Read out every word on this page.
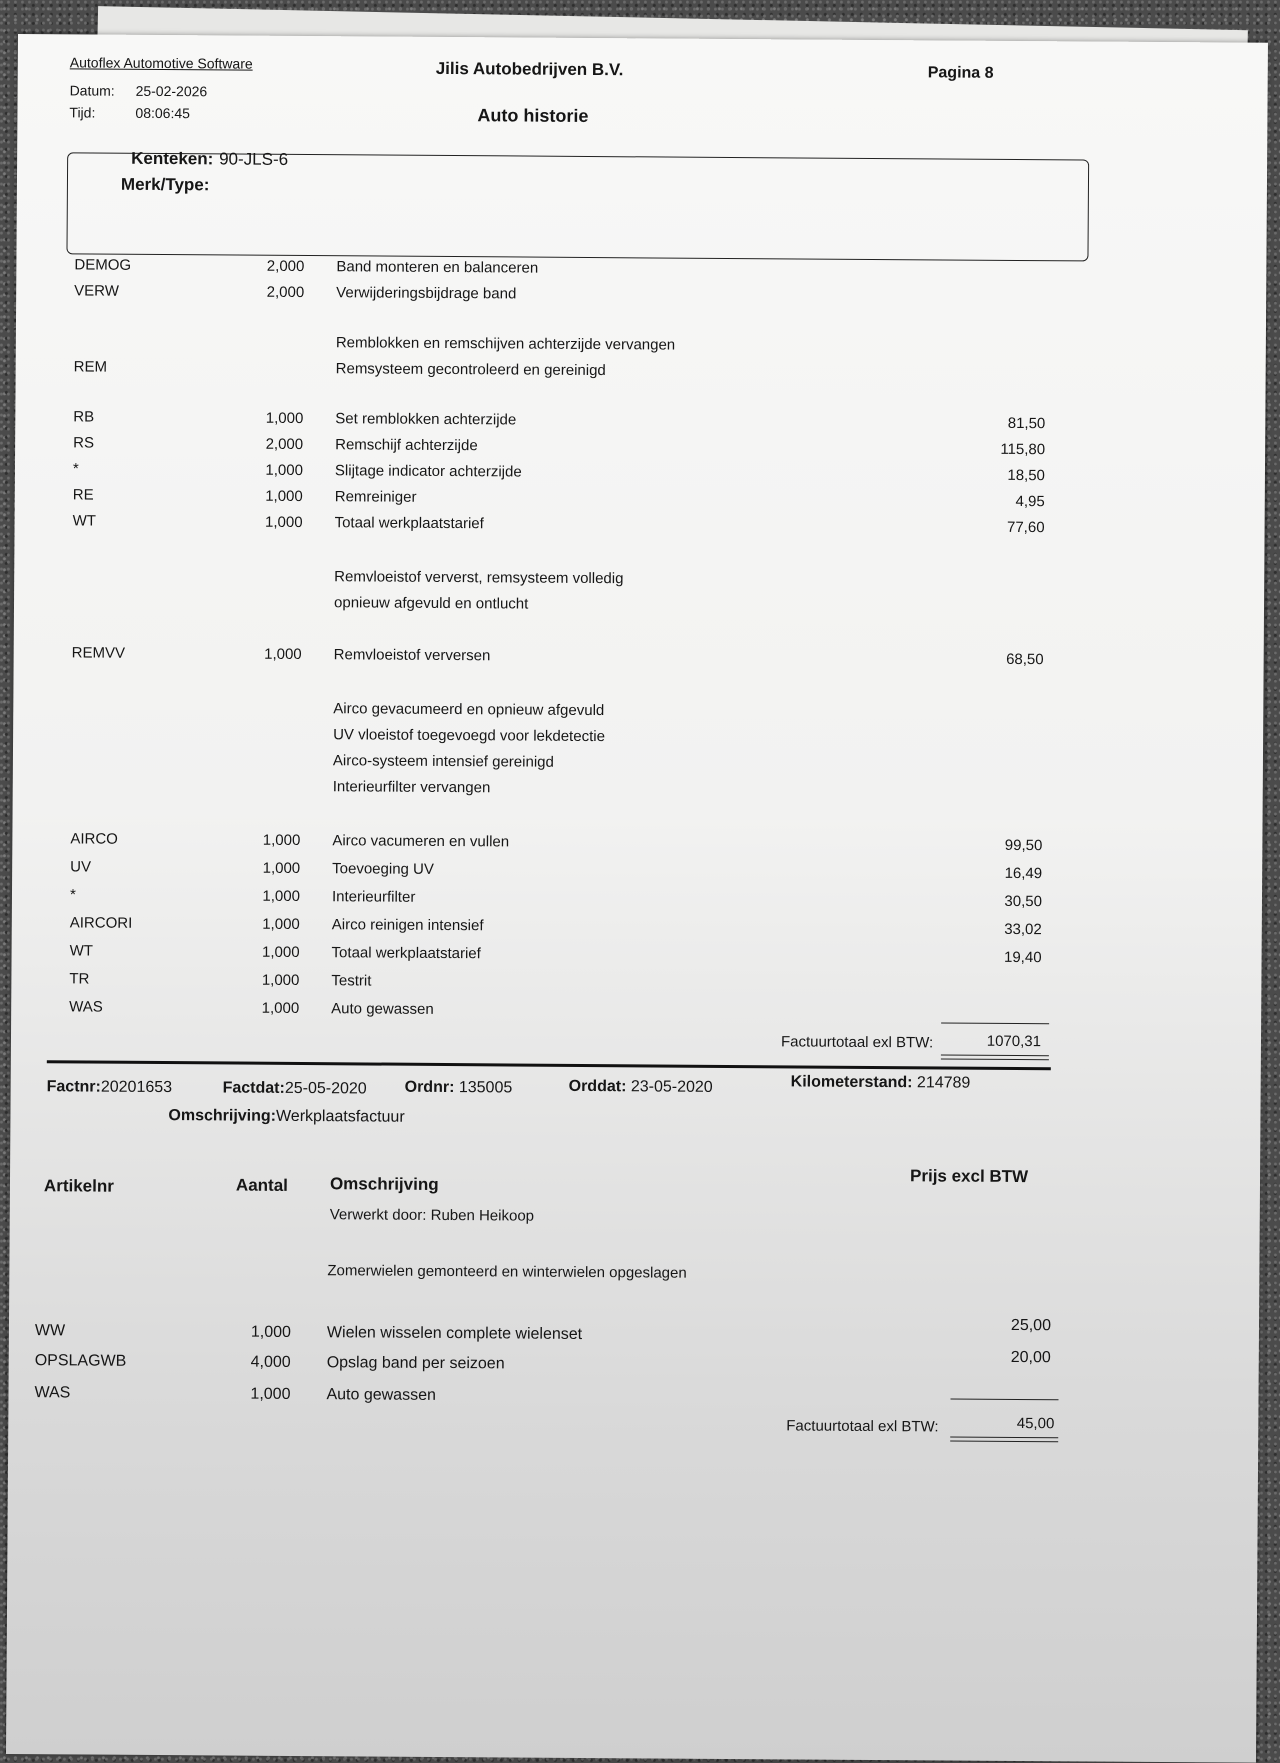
Autoflex Automotive Software
Datum: 25-02-2026
Tijd:	08:06:45
Jilis Autobedrijven B.V.	Pagina 8
Auto historie
Kenteken: 90-JLS-6
Merk/Type:
DEMOG	2,000 Band monteren en balanceren
VERW	2,000 Verwijderingsbijdrage band
Remblokken en remschijven achterzijde vervangen
REM	Remsysteem gecontroleerd en gereinigd
RB	1,000 Set remblokken achterzijde	81,50
RS	2,000 Remschijf achterzijde	115,80
*	1,000 Slijtage indicator achterzijde	18,50
RE	1,000 Remreiniger	4,95
WT	1,000 Totaal werkplaatstarief	77,60
Remvloeistof ververst, remsysteem volledig
opnieuw afgevuld en ontlucht
REMVV	1,000 Remvloeistof verversen	68,50
Airco gevacumeerd en opnieuw afgevuld
UV vloeistof toegevoegd voor lekdetectie
Airco-systeem intensief gereinigd
Interieurfilter vervangen
AIRCO	1,000 Airco vacumeren en vullen	99,50
UV	1,000 Toevoeging UV	16,49
*	1,000 Interieurfilter	30,50
AIRCORI	1,000 Airco reinigen intensief	33,02
WT	1,000 Totaal werkplaatstarief	19,40
TR	1,000 Testrit
WAS	1,000 Auto gewassen
Factuurtotaal exl BTW:	1070,31
Factnr:20201653	Factdat:25-05-2020 Ordnr: 135005	Orddat: 23-05-2020	Kilometerstand: 214789
Omschrijving:Werkplaatsfactuur
Artikelnr	Aantal Omschrijving	Prijs excl BTW
Verwerkt door: Ruben Heikoop
Zomerwielen gemonteerd en winterwielen opgeslagen
WW	1,000 Wielen wisselen complete wielenset	25,00
OPSLAGWB	4,000 Opslag band per seizoen	20,00
WAS	1,000 Auto gewassen
Factuurtotaal exl BTW:	45,00
